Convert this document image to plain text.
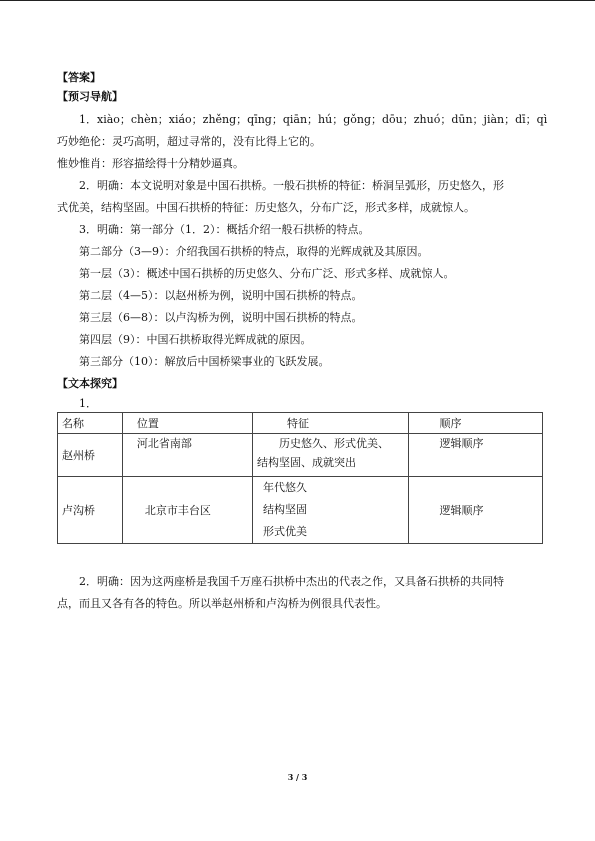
【答案】
【预习导航】
1．xiào；chèn；xiáo；zhěng；qīng；qiān；hú；gǒng；dōu；zhuó；dūn；jiàn；dī；qì
巧妙绝伦：灵巧高明，超过寻常的，没有比得上它的。
惟妙惟肖：形容描绘得十分精妙逼真。
2．明确：本文说明对象是中国石拱桥。一般石拱桥的特征：桥洞呈弧形，历史悠久，形
式优美，结构坚固。中国石拱桥的特征：历史悠久，分布广泛，形式多样，成就惊人。
3．明确：第一部分（1．2）：概括介绍一般石拱桥的特点。
第二部分（3—9）：介绍我国石拱桥的特点，取得的光辉成就及其原因。
第一层（3）：概述中国石拱桥的历史悠久、分布广泛、形式多样、成就惊人。
第二层（4—5）：以赵州桥为例，说明中国石拱桥的特点。
第三层（6—8）：以卢沟桥为例，说明中国石拱桥的特点。
第四层（9）：中国石拱桥取得光辉成就的原因。
第三部分（10）：解放后中国桥梁事业的飞跃发展。
【文本探究】
1．
名称	位置	特征	顺序
赵州桥	河北省南部	历史悠久、形式优美、
结构坚固、成就突出	逻辑顺序
卢沟桥	北京市丰台区	年代悠久
结构坚固
形式优美	逻辑顺序
2．明确：因为这两座桥是我国千万座石拱桥中杰出的代表之作，又具备石拱桥的共同特
点，而且又各有各的特色。所以举赵州桥和卢沟桥为例很具代表性。
3 / 3
